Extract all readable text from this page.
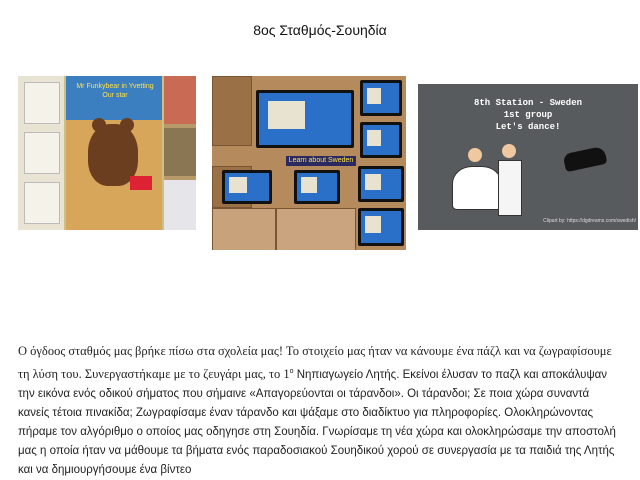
8ος Σταθμός-Σουηδία
Mr Funkybear in Yvetting Our star
Learn about Sweden
8th Station - Sweden
1st group
Let's dance!
Clipart by: https://dgdreams.com/swedish/
Ο όγδοος σταθμός μας βρήκε πίσω στα σχολεία μας! Το στοιχείο μας ήταν να κάνουμε ένα πάζλ και να ζωγραφίσουμε τη λύση του. Συνεργαστήκαμε με το ζευγάρι μας, το $1^o$ Νηπιαγωγείο Λητής. Εκείνοι έλυσαν το παζλ και αποκάλυψαν την εικόνα ενός οδικού σήματος που σήμαινε «Απαγορεύονται οι τάρανδοι». Οι τάρανδοι; Σε ποια χώρα συναντά κανείς τέτοια πινακίδα; Ζωγραφίσαμε έναν τάρανδο και ψάξαμε στο διαδίκτυο για πληροφορίες. Ολοκληρώνοντας πήραμε τον αλγόριθμο ο οποίος μας οδηγησε στη Σουηδία. Γνωρίσαμε τη νέα χώρα και ολοκληρώσαμε την αποστολή μας η οποία ήταν να μάθουμε τα βήματα ενός παραδοσιακού Σουηδικού χορού σε συνεργασία με τα παιδιά της Λητής και να δημιουργήσουμε ένα βίντεο
